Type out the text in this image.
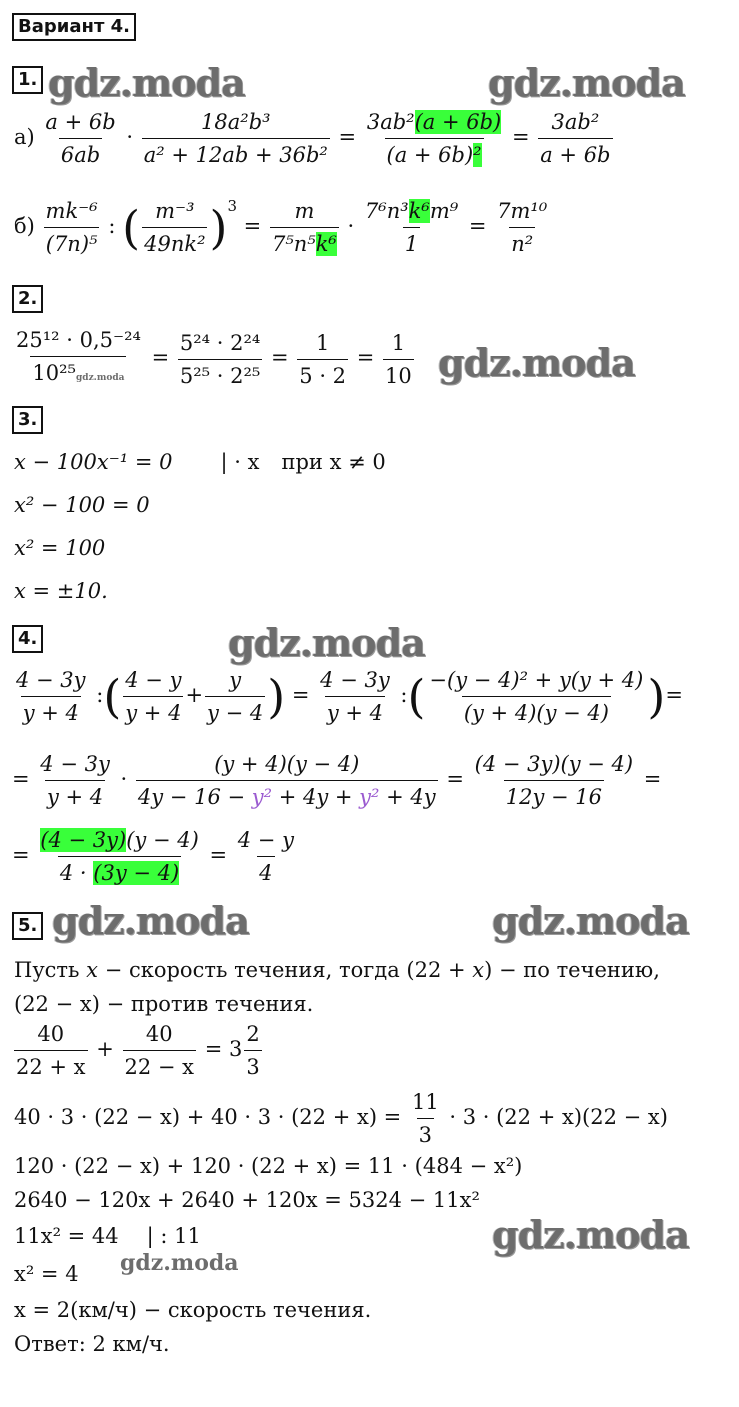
Вариант 4.
1. gdz.moda	gdz.moda
$а) \frac{a + 6b}{6ab} \cdot \frac{\text{18a²b³}}{\text{a² + 12ab + 36b²}} = \frac{\text{3ab²(a + 6b)}}{\text{(a + 6b)²}} = \frac{\text{3ab²}}{a + 6b}$
$б) \frac{\text{mk⁻⁶}}{\text{(7n)⁵}}$ : ( $\frac{\text{m⁻³}}{\text{49nk²}} )^3 = \frac{m}{\text{7⁵n⁵k⁶}} \cdot \frac{\text{7⁶n³k⁶m⁹}}{1} = \frac{\text{7m¹⁰}}{\text{n²}}$
2.
$\frac{\text{25¹² · 0,5⁻²⁴}}{\text{10²⁵gdz.moda}} = \frac{\text{5²⁴ · 2²⁴}}{\text{5²⁵ · 2²⁵}} = \frac{1}{5 \cdot 2} = \frac{1}{10}$ gdz.moda
3.
x − 100x⁻¹ = 0 | · x при x ≠ 0
x² − 100 = 0
x² = 100
x = ±10.
4.	gdz.moda
$\frac{4 - 3y}{y + 4}$ :( $\frac{4 - y}{y + 4} + \frac{y}{y - 4}$ ) = $\frac{4 - 3y}{y + 4}$ :( $\frac{\text{−(y − 4)² + y(y + 4)}}{(y + 4)(y - 4)}$ )=
= $\frac{4 - 3y}{y + 4} \cdot \frac{(y + 4)(y - 4)}{\text{4y − 16 − y² + 4y + y² + 4y}} = \frac{(4 - 3y)(y - 4)}{12y - 16}$ =
= $\frac{(4 - 3y)(y - 4)}{4 \cdot (3y - 4)} = \frac{4 - y}{4}$
5. gdz.moda	gdz.moda
Пусть x − скорость течения, тогда (22 + x) − по течению,
(22 − x) − против течения.
$\frac{40}{22 + x} + \frac{40}{22 - x} = 3 \frac{2}{3}$
$40 \cdot 3 \cdot (22 - x) + 40 \cdot 3 \cdot (22 + x) = \frac{11}{3} \cdot 3 \cdot (22 + x)(22 - x)$
120 · (22 − x) + 120 · (22 + x) = 11 · (484 − x²)
2640 − 120x + 2640 + 120x = 5324 − 11x²
11x² = 44 | : 11	gdz.moda
x² = 4 gdz.moda
x = 2(км/ч) − скорость течения.
Ответ: 2 км/ч.
